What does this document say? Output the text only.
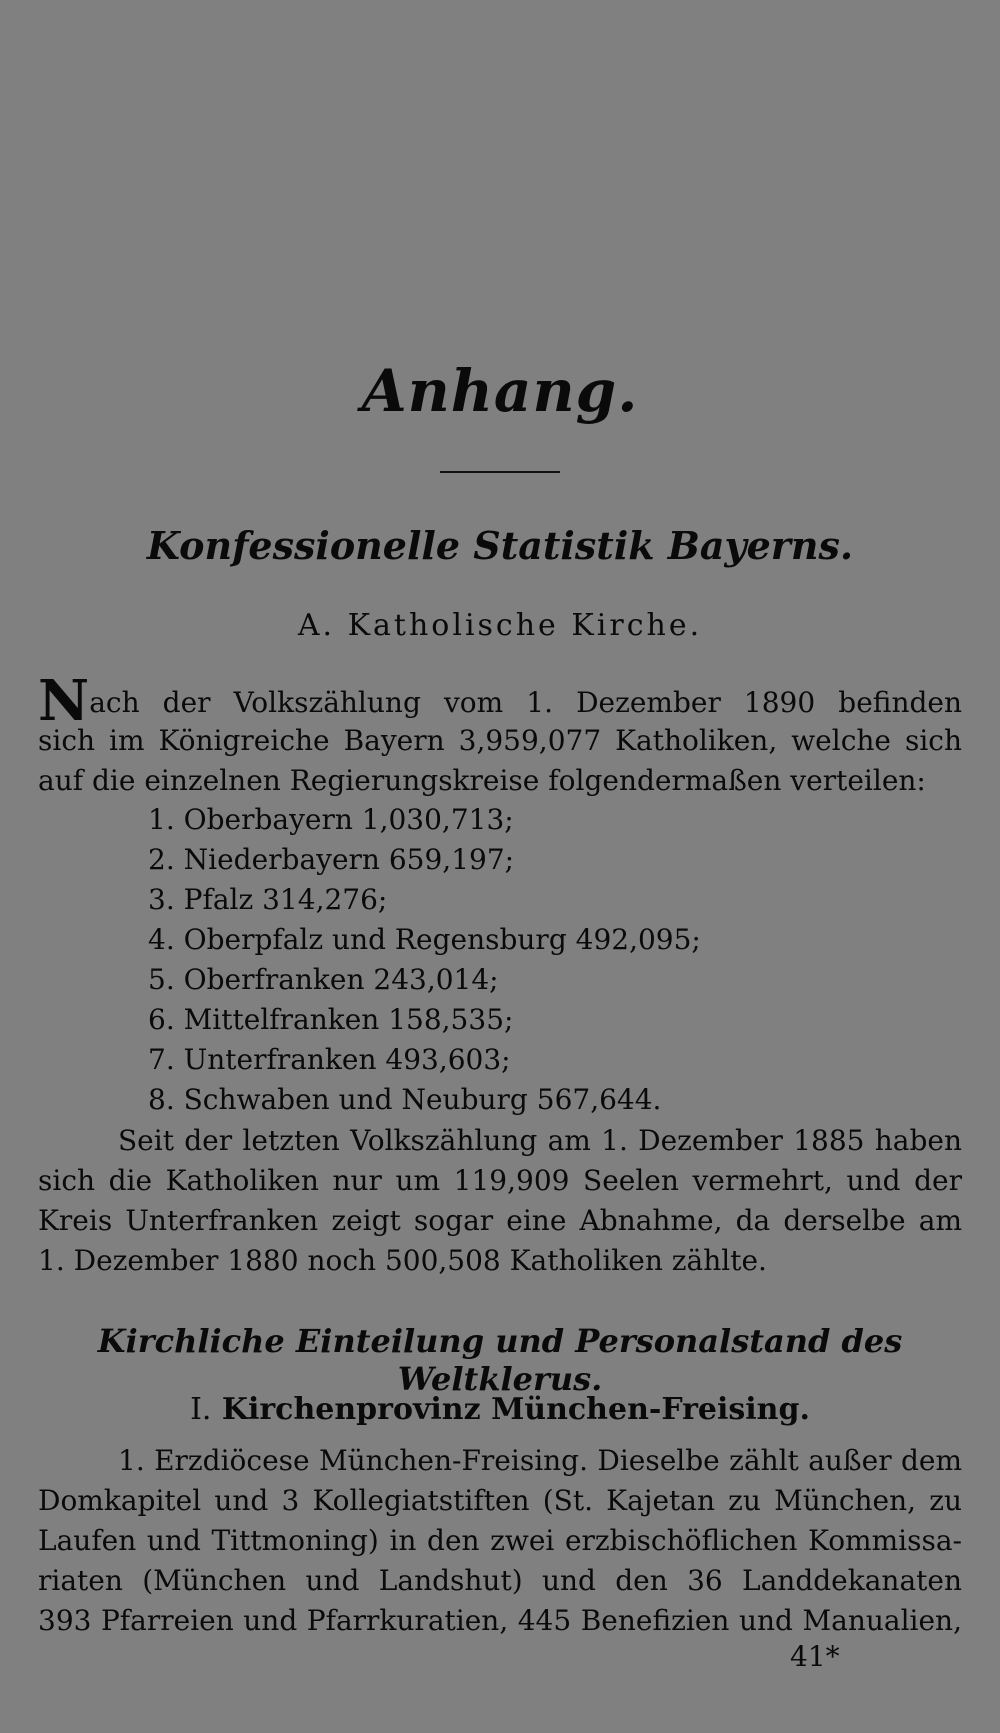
Anhang.
Konfessionelle Statistik Bayerns.
A. Katholische Kirche.
Nach der Volkszählung vom 1. Dezember 1890 befinden
sich im Königreiche Bayern 3,959,077 Katholiken, welche sich
auf die einzelnen Regierungskreise folgendermaßen verteilen:
1. Oberbayern 1,030,713;
2. Niederbayern 659,197;
3. Pfalz 314,276;
4. Oberpfalz und Regensburg 492,095;
5. Oberfranken 243,014;
6. Mittelfranken 158,535;
7. Unterfranken 493,603;
8. Schwaben und Neuburg 567,644.
Seit der letzten Volkszählung am 1. Dezember 1885 haben
sich die Katholiken nur um 119,909 Seelen vermehrt, und der
Kreis Unterfranken zeigt sogar eine Abnahme, da derselbe am
1. Dezember 1880 noch 500,508 Katholiken zählte.
Kirchliche Einteilung und Personalstand des Weltklerus.
I. Kirchenprovinz München-Freising.
1. Erzdiöcese München-Freising. Dieselbe zählt außer dem
Domkapitel und 3 Kollegiatstiften (St. Kajetan zu München, zu
Laufen und Tittmoning) in den zwei erzbischöflichen Kommissa-
riaten (München und Landshut) und den 36 Landdekanaten
393 Pfarreien und Pfarrkuratien, 445 Benefizien und Manualien,
41*
